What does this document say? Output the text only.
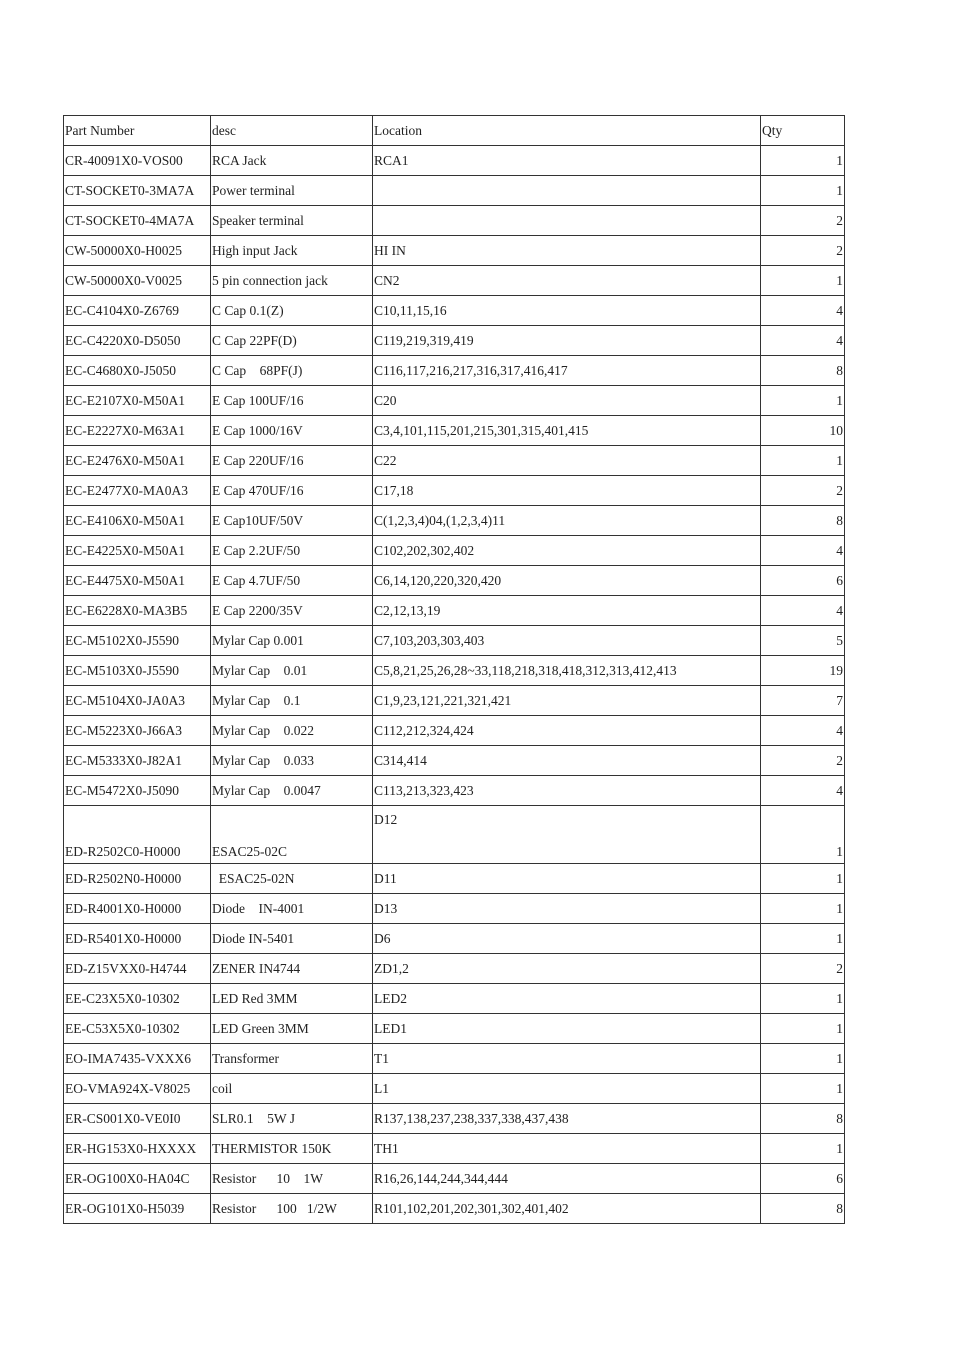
Part Number	desc	Location	Qty
CR-40091X0-VOS00	RCA Jack	RCA1	1
CT-SOCKET0-3MA7A	Power terminal		1
CT-SOCKET0-4MA7A	Speaker terminal		2
CW-50000X0-H0025	High input Jack	HI IN	2
CW-50000X0-V0025	5 pin connection jack	CN2	1
EC-C4104X0-Z6769	C Cap 0.1(Z)	C10,11,15,16	4
EC-C4220X0-D5050	C Cap 22PF(D)	C119,219,319,419	4
EC-C4680X0-J5050	C Cap    68PF(J)	C116,117,216,217,316,317,416,417	8
EC-E2107X0-M50A1	E Cap 100UF/16	C20	1
EC-E2227X0-M63A1	E Cap 1000/16V	C3,4,101,115,201,215,301,315,401,415	10
EC-E2476X0-M50A1	E Cap 220UF/16	C22	1
EC-E2477X0-MA0A3	E Cap 470UF/16	C17,18	2
EC-E4106X0-M50A1	E Cap10UF/50V	C(1,2,3,4)04,(1,2,3,4)11	8
EC-E4225X0-M50A1	E Cap 2.2UF/50	C102,202,302,402	4
EC-E4475X0-M50A1	E Cap 4.7UF/50	C6,14,120,220,320,420	6
EC-E6228X0-MA3B5	E Cap 2200/35V	C2,12,13,19	4
EC-M5102X0-J5590	Mylar Cap 0.001	C7,103,203,303,403	5
EC-M5103X0-J5590	Mylar Cap    0.01	C5,8,21,25,26,28~33,118,218,318,418,312,313,412,413	19
EC-M5104X0-JA0A3	Mylar Cap    0.1	C1,9,23,121,221,321,421	7
EC-M5223X0-J66A3	Mylar Cap    0.022	C112,212,324,424	4
EC-M5333X0-J82A1	Mylar Cap    0.033	C314,414	2
EC-M5472X0-J5090	Mylar Cap    0.0047	C113,213,323,423	4
ED-R2502C0-H0000	ESAC25-02C	D12	1
ED-R2502N0-H0000	ESAC25-02N	D11	1
ED-R4001X0-H0000	Diode    IN-4001	D13	1
ED-R5401X0-H0000	Diode IN-5401	D6	1
ED-Z15VXX0-H4744	ZENER IN4744	ZD1,2	2
EE-C23X5X0-10302	LED Red 3MM	LED2	1
EE-C53X5X0-10302	LED Green 3MM	LED1	1
EO-IMA7435-VXXX6	Transformer	T1	1
EO-VMA924X-V8025	coil	L1	1
ER-CS001X0-VE0I0	SLR0.1    5W J	R137,138,237,238,337,338,437,438	8
ER-HG153X0-HXXXX	THERMISTOR 150K	TH1	1
ER-OG100X0-HA04C	Resistor      10    1W	R16,26,144,244,344,444	6
ER-OG101X0-H5039	Resistor      100   1/2W	R101,102,201,202,301,302,401,402	8
